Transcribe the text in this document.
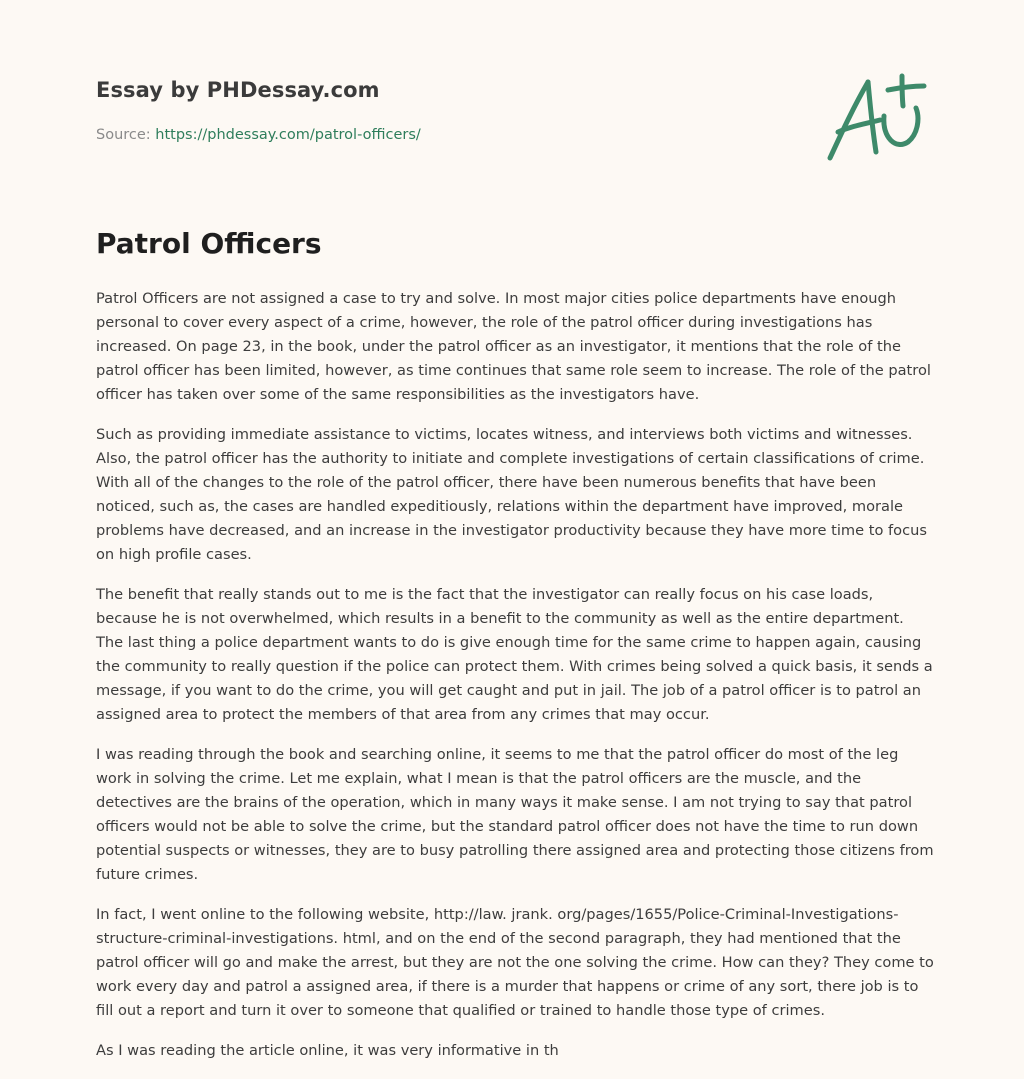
Essay by PHDessay.com
Source: https://phdessay.com/patrol-officers/
Patrol Officers

Patrol Officers are not assigned a case to try and solve. In most major cities police departments have enough personal to cover every aspect of a crime, however, the role of the patrol officer during investigations has increased. On page 23, in the book, under the patrol officer as an investigator, it mentions that the role of the patrol officer has been limited, however, as time continues that same role seem to increase. The role of the patrol officer has taken over some of the same responsibilities as the investigators have.

Such as providing immediate assistance to victims, locates witness, and interviews both victims and witnesses. Also, the patrol officer has the authority to initiate and complete investigations of certain classifications of crime. With all of the changes to the role of the patrol officer, there have been numerous benefits that have been noticed, such as, the cases are handled expeditiously, relations within the department have improved, morale problems have decreased, and an increase in the investigator productivity because they have more time to focus on high profile cases.

The benefit that really stands out to me is the fact that the investigator can really focus on his case loads, because he is not overwhelmed, which results in a benefit to the community as well as the entire department. The last thing a police department wants to do is give enough time for the same crime to happen again, causing the community to really question if the police can protect them. With crimes being solved a quick basis, it sends a message, if you want to do the crime, you will get caught and put in jail. The job of a patrol officer is to patrol an assigned area to protect the members of that area from any crimes that may occur.

I was reading through the book and searching online, it seems to me that the patrol officer do most of the leg work in solving the crime. Let me explain, what I mean is that the patrol officers are the muscle, and the detectives are the brains of the operation, which in many ways it make sense. I am not trying to say that patrol officers would not be able to solve the crime, but the standard patrol officer does not have the time to run down potential suspects or witnesses, they are to busy patrolling there assigned area and protecting those citizens from future crimes.

In fact, I went online to the following website, http://law. jrank. org/pages/1655/Police-Criminal-Investigations-structure-criminal-investigations. html, and on the end of the second paragraph, they had mentioned that the patrol officer will go and make the arrest, but they are not the one solving the crime. How can they? They come to work every day and patrol a assigned area, if there is a murder that happens or crime of any sort, there job is to fill out a report and turn it over to someone that qualified or trained to handle those type of crimes.

As I was reading the article online, it was very informative in th
